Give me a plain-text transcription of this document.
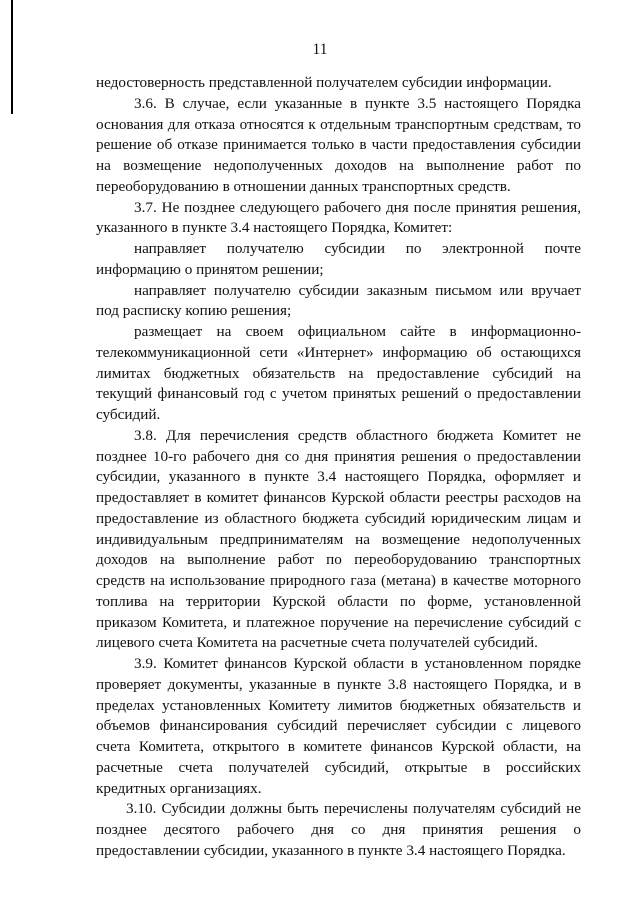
11

недостоверность представленной получателем субсидии информации.

3.6. В случае, если указанные в пункте 3.5 настоящего Порядка основания для отказа относятся к отдельным транспортным средствам, то решение об отказе принимается только в части предоставления субсидии на возмещение недополученных доходов на выполнение работ по переоборудованию в отношении данных транспортных средств.

3.7. Не позднее следующего рабочего дня после принятия решения, указанного в пункте 3.4 настоящего Порядка, Комитет:

направляет получателю субсидии по электронной почте информацию о принятом решении;

направляет получателю субсидии заказным письмом или вручает под расписку копию решения;

размещает на своем официальном сайте в информационно-телекоммуникационной сети «Интернет» информацию об остающихся лимитах бюджетных обязательств на предоставление субсидий на текущий финансовый год с учетом принятых решений о предоставлении субсидий.

3.8. Для перечисления средств областного бюджета Комитет не позднее 10-го рабочего дня со дня принятия решения о предоставлении субсидии, указанного в пункте 3.4 настоящего Порядка, оформляет и предоставляет в комитет финансов Курской области реестры расходов на предоставление из областного бюджета субсидий юридическим лицам и индивидуальным предпринимателям на возмещение недополученных доходов на выполнение работ по переоборудованию транспортных средств на использование природного газа (метана) в качестве моторного топлива на территории Курской области по форме, установленной приказом Комитета, и платежное поручение на перечисление субсидий с лицевого счета Комитета на расчетные счета получателей субсидий.

3.9. Комитет финансов Курской области в установленном порядке проверяет документы, указанные в пункте 3.8 настоящего Порядка, и в пределах установленных Комитету лимитов бюджетных обязательств и объемов финансирования субсидий перечисляет субсидии с лицевого счета Комитета, открытого в комитете финансов Курской области, на расчетные счета получателей субсидий, открытые в российских кредитных организациях.

3.10. Субсидии должны быть перечислены получателям субсидий не позднее десятого рабочего дня со дня принятия решения о предоставлении субсидии, указанного в пункте 3.4 настоящего Порядка.
